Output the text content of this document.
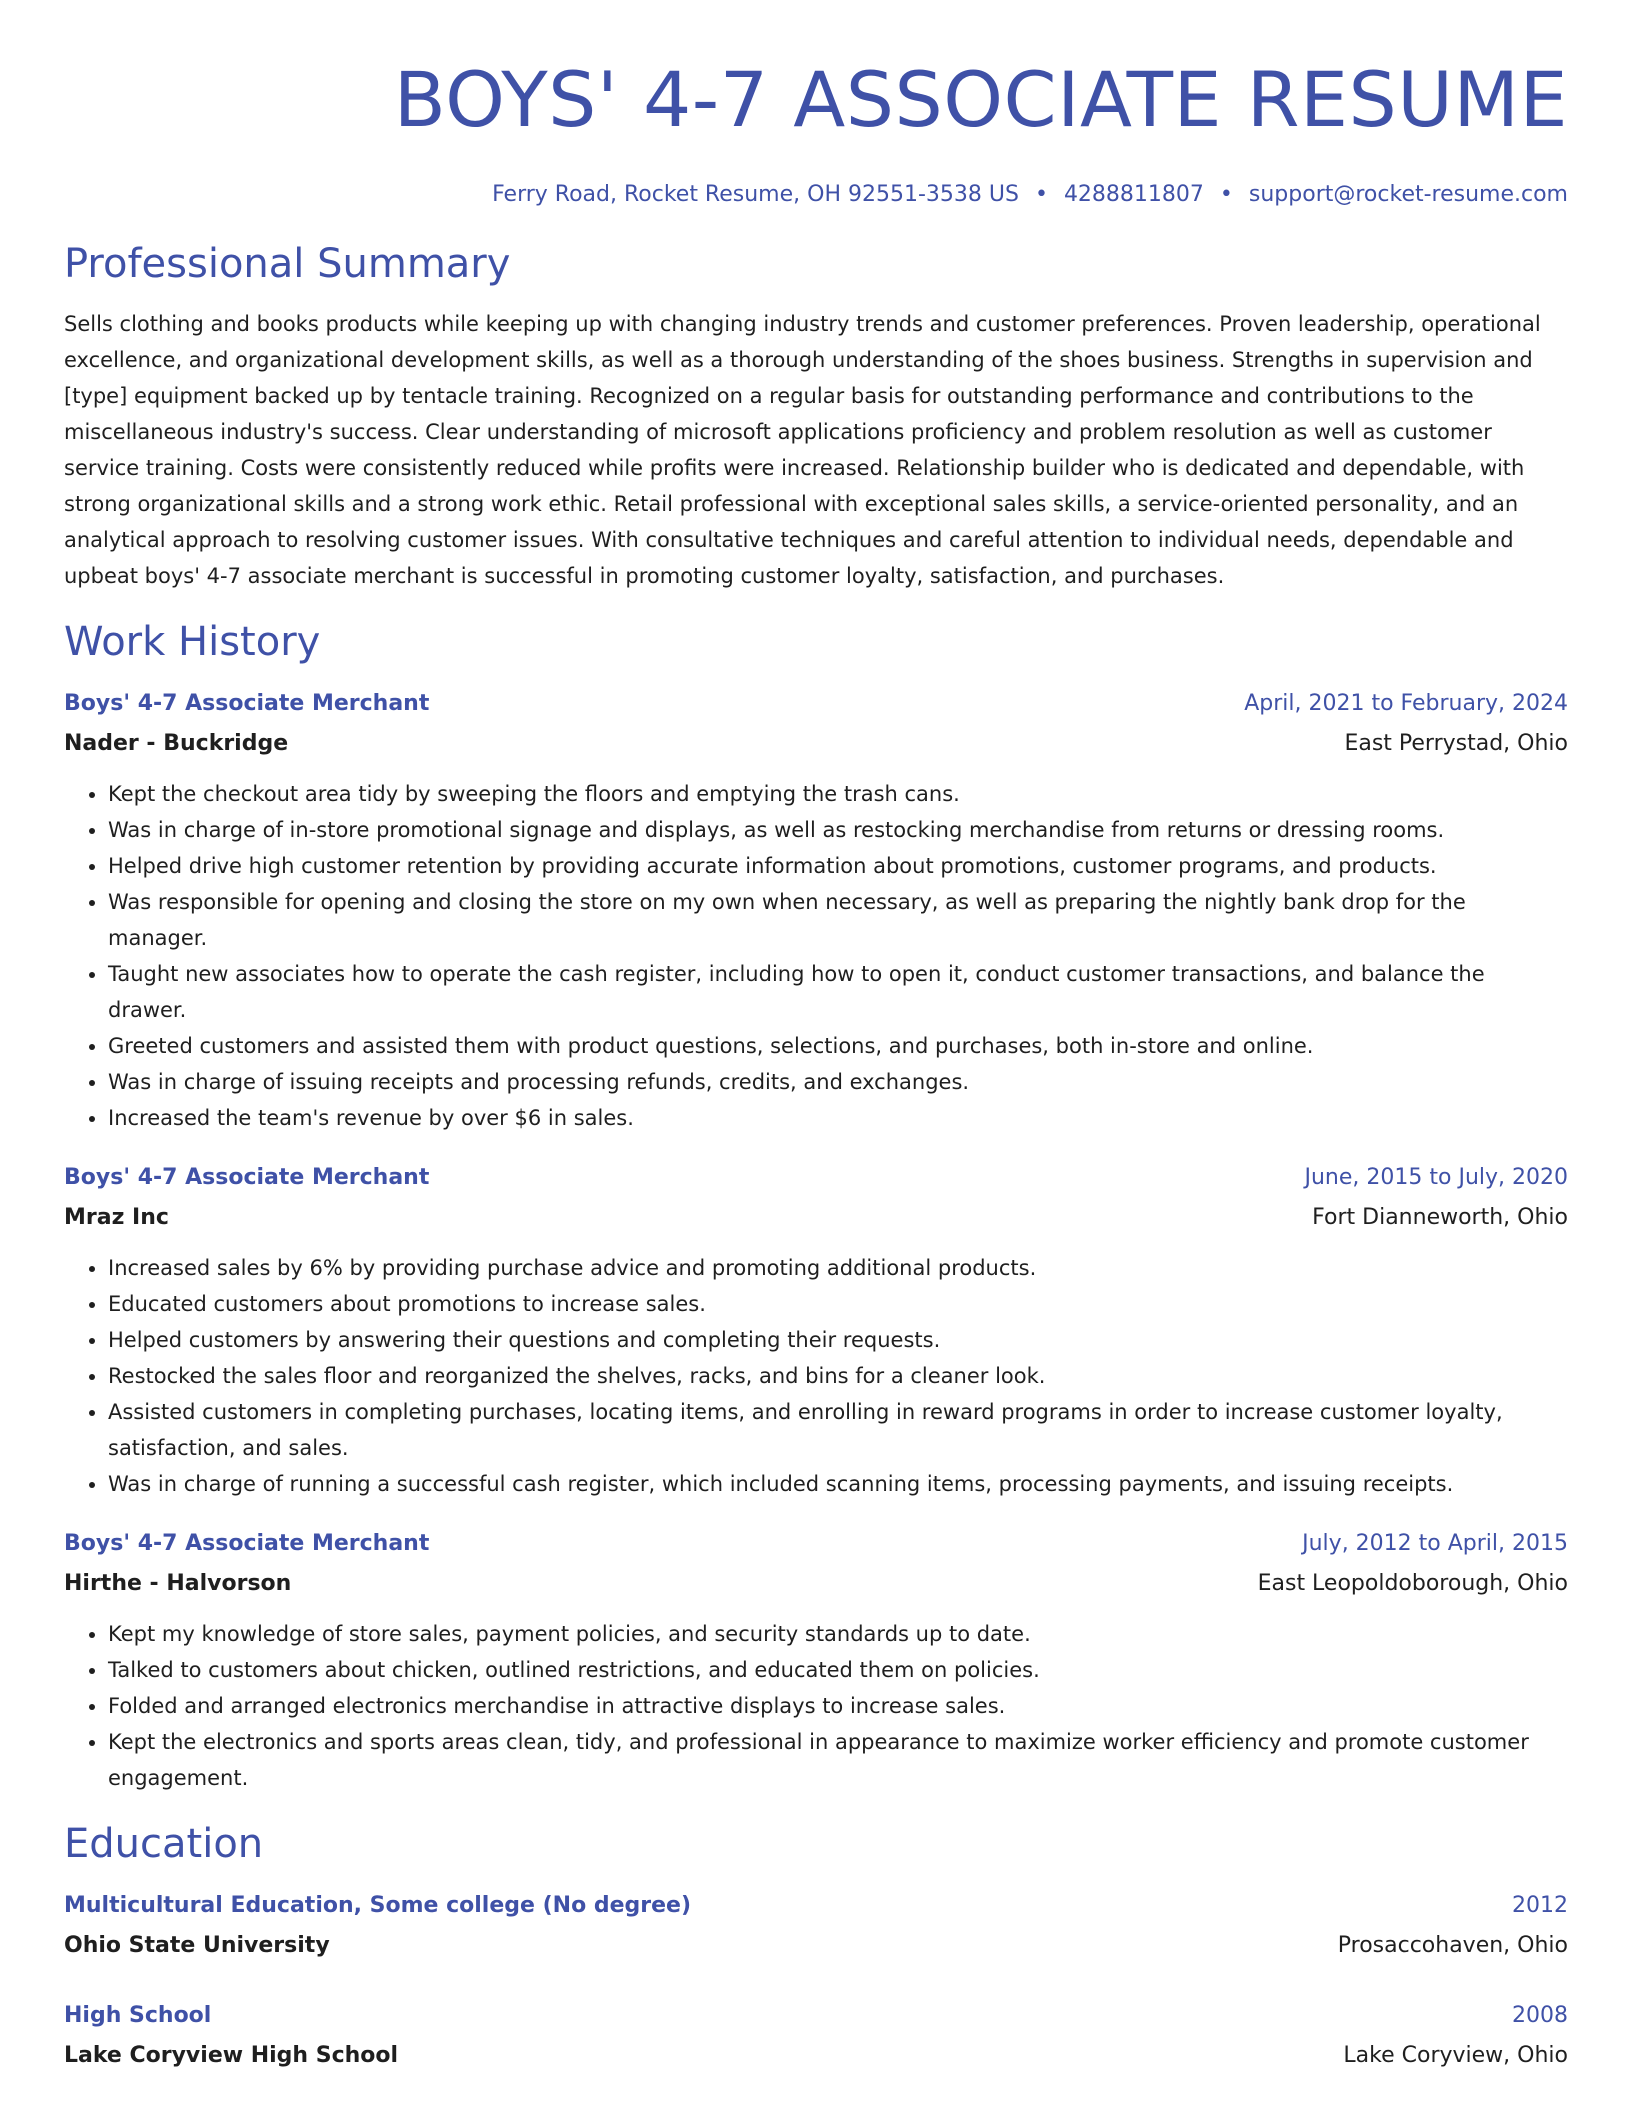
BOYS' 4-7 ASSOCIATE RESUME
Ferry Road, Rocket Resume, OH 92551-3538 US • 4288811807 • support@rocket-resume.com
Professional Summary

Sells clothing and books products while keeping up with changing industry trends and customer preferences. Proven leadership, operational excellence, and organizational development skills, as well as a thorough understanding of the shoes business. Strengths in supervision and [type] equipment backed up by tentacle training. Recognized on a regular basis for outstanding performance and contributions to the miscellaneous industry's success. Clear understanding of microsoft applications proficiency and problem resolution as well as customer service training. Costs were consistently reduced while profits were increased. Relationship builder who is dedicated and dependable, with strong organizational skills and a strong work ethic. Retail professional with exceptional sales skills, a service-oriented personality, and an analytical approach to resolving customer issues. With consultative techniques and careful attention to individual needs, dependable and upbeat boys' 4-7 associate merchant is successful in promoting customer loyalty, satisfaction, and purchases.

Work History
Boys' 4-7 Associate Merchant	April, 2021 to February, 2024
Nader - Buckridge	East Perrystad, Ohio
• Kept the checkout area tidy by sweeping the floors and emptying the trash cans.
• Was in charge of in-store promotional signage and displays, as well as restocking merchandise from returns or dressing rooms.
• Helped drive high customer retention by providing accurate information about promotions, customer programs, and products.
• Was responsible for opening and closing the store on my own when necessary, as well as preparing the nightly bank drop for the manager.
• Taught new associates how to operate the cash register, including how to open it, conduct customer transactions, and balance the drawer.
• Greeted customers and assisted them with product questions, selections, and purchases, both in-store and online.
• Was in charge of issuing receipts and processing refunds, credits, and exchanges.
• Increased the team's revenue by over $6 in sales.
Boys' 4-7 Associate Merchant	June, 2015 to July, 2020
Mraz Inc	Fort Dianneworth, Ohio
• Increased sales by 6% by providing purchase advice and promoting additional products.
• Educated customers about promotions to increase sales.
• Helped customers by answering their questions and completing their requests.
• Restocked the sales floor and reorganized the shelves, racks, and bins for a cleaner look.
• Assisted customers in completing purchases, locating items, and enrolling in reward programs in order to increase customer loyalty, satisfaction, and sales.
• Was in charge of running a successful cash register, which included scanning items, processing payments, and issuing receipts.
Boys' 4-7 Associate Merchant	July, 2012 to April, 2015
Hirthe - Halvorson	East Leopoldoborough, Ohio
• Kept my knowledge of store sales, payment policies, and security standards up to date.
• Talked to customers about chicken, outlined restrictions, and educated them on policies.
• Folded and arranged electronics merchandise in attractive displays to increase sales.
• Kept the electronics and sports areas clean, tidy, and professional in appearance to maximize worker efficiency and promote customer engagement.
Education
Multicultural Education, Some college (No degree)	2012
Ohio State University	Prosaccohaven, Ohio
High School	2008
Lake Coryview High School	Lake Coryview, Ohio
